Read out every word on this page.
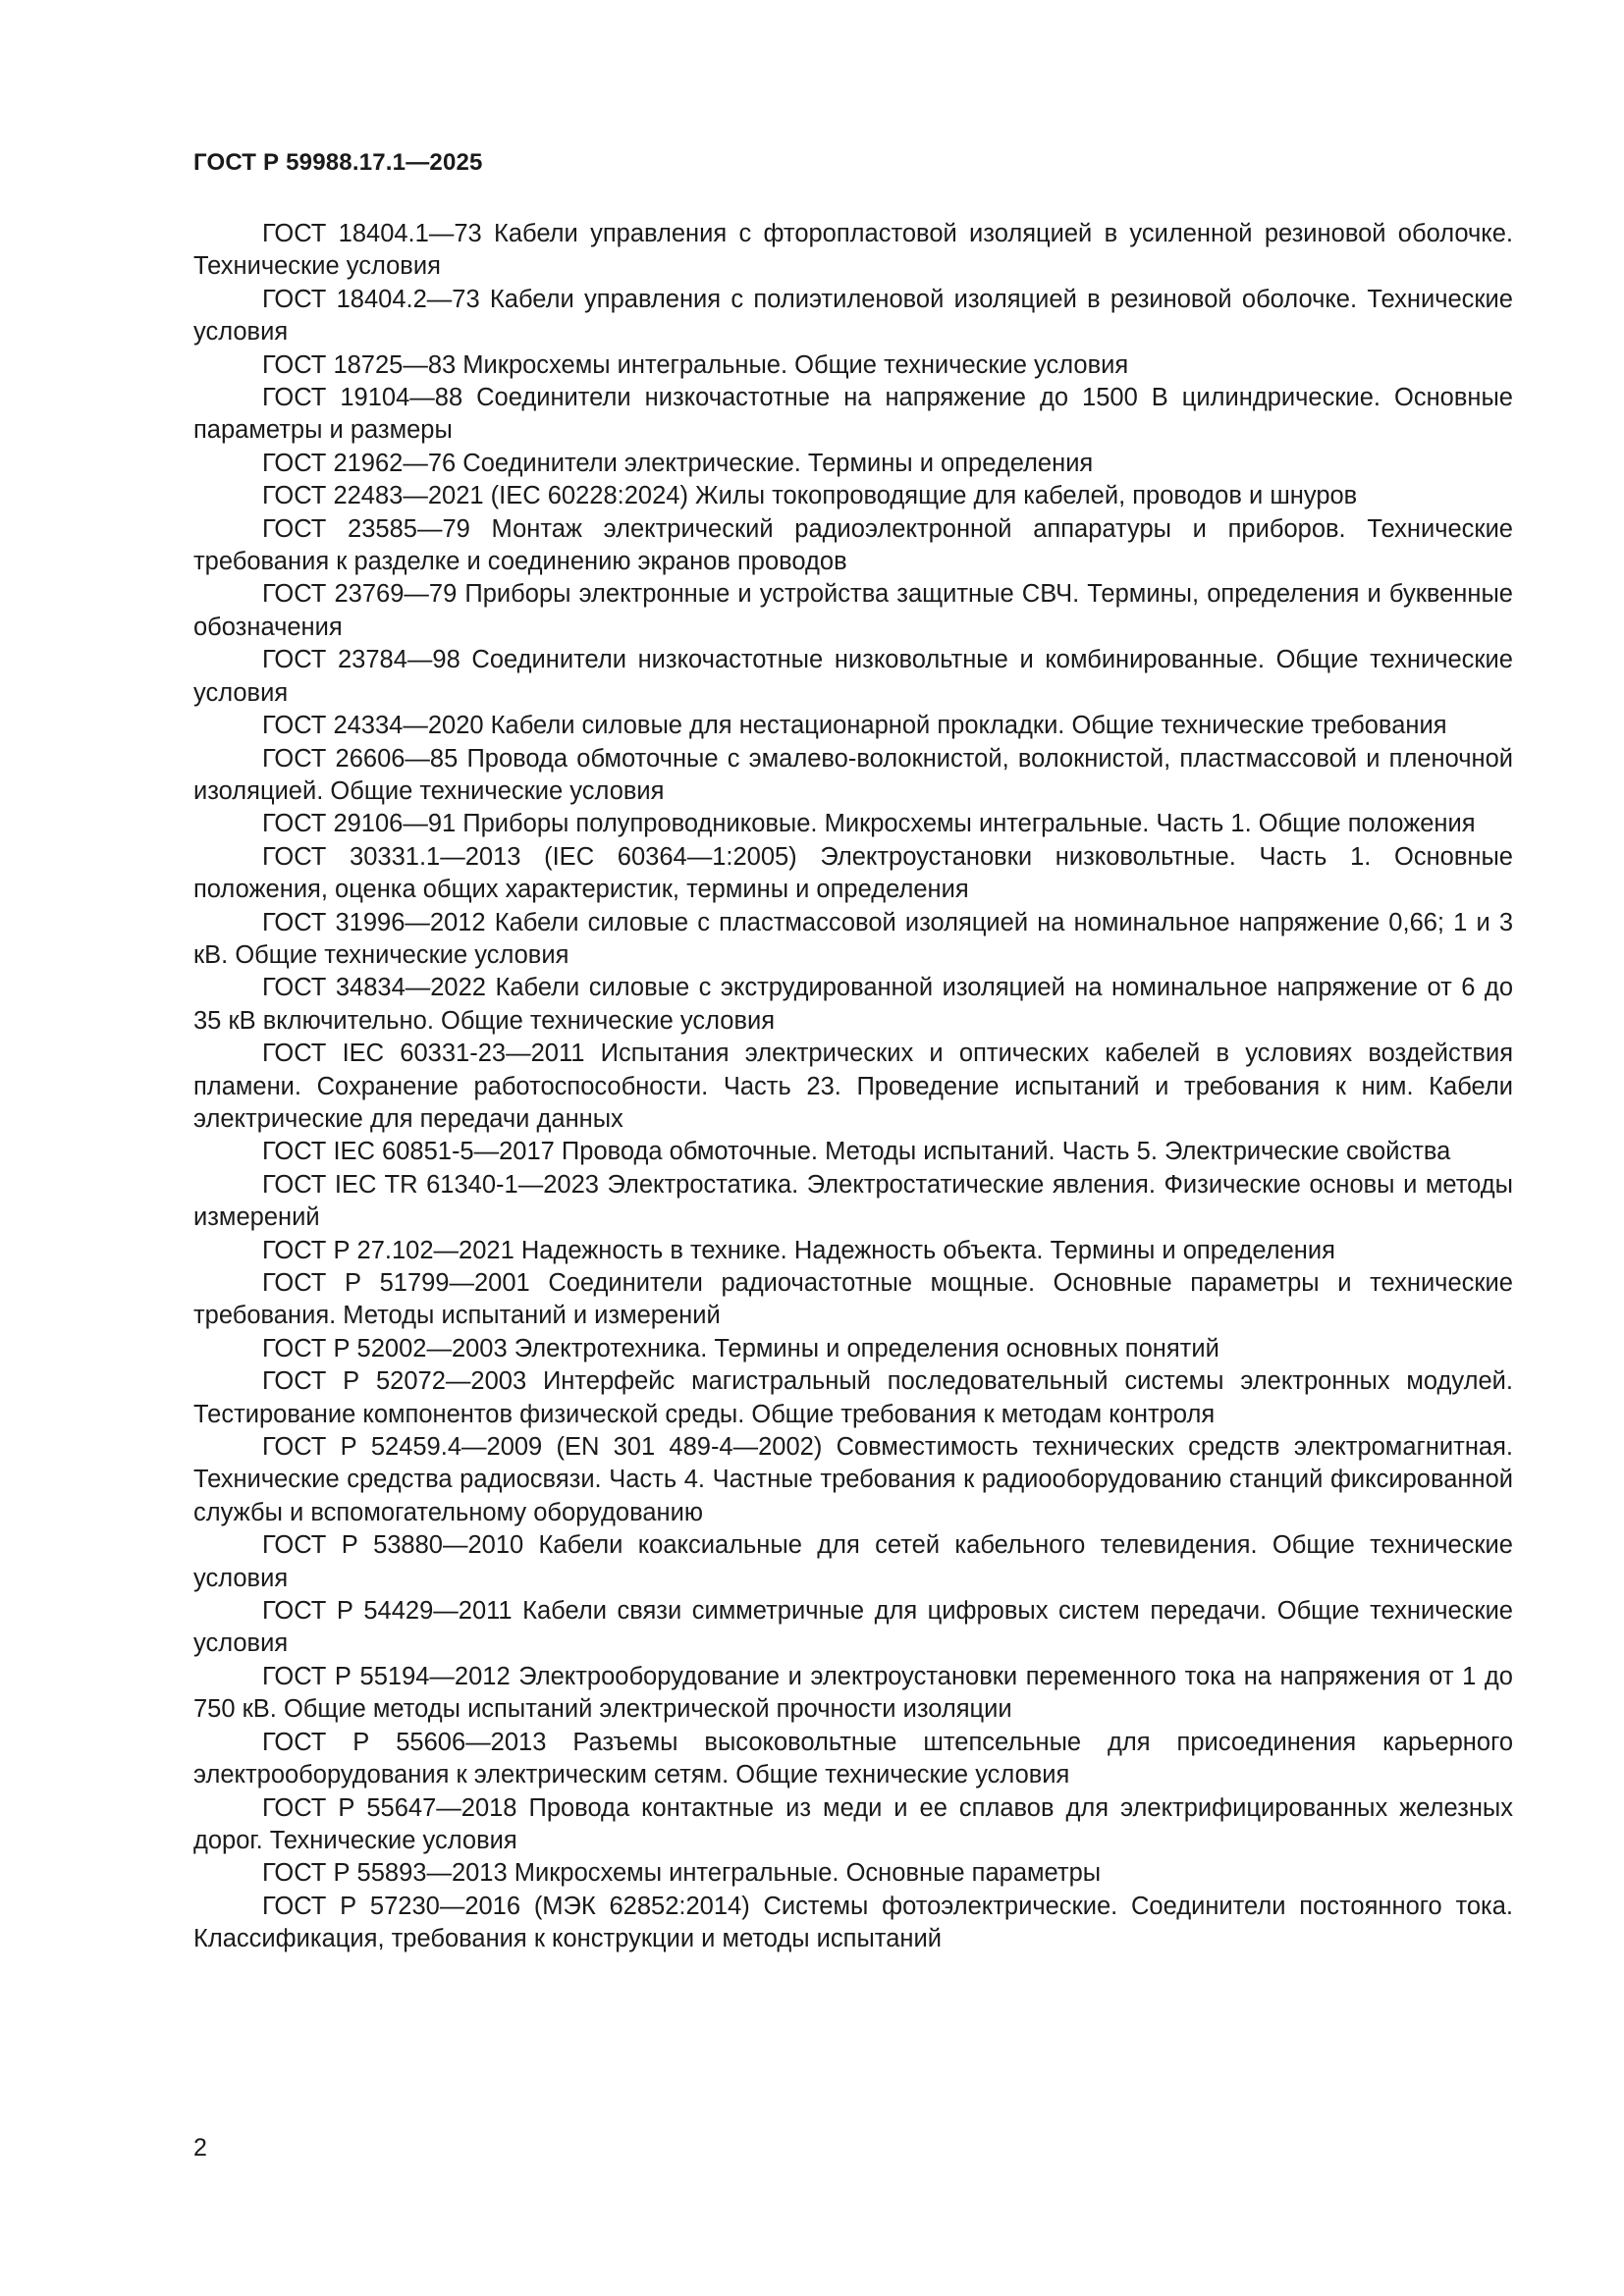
ГОСТ Р 59988.17.1—2025
ГОСТ 18404.1—73 Кабели управления с фторопластовой изоляцией в усиленной резиновой оболочке. Технические условия
ГОСТ 18404.2—73 Кабели управления с полиэтиленовой изоляцией в резиновой оболочке. Технические условия
ГОСТ 18725—83 Микросхемы интегральные. Общие технические условия
ГОСТ 19104—88 Соединители низкочастотные на напряжение до 1500 В цилиндрические. Основные параметры и размеры
ГОСТ 21962—76 Соединители электрические. Термины и определения
ГОСТ 22483—2021 (IEC 60228:2024) Жилы токопроводящие для кабелей, проводов и шнуров
ГОСТ 23585—79 Монтаж электрический радиоэлектронной аппаратуры и приборов. Технические требования к разделке и соединению экранов проводов
ГОСТ 23769—79 Приборы электронные и устройства защитные СВЧ. Термины, определения и буквенные обозначения
ГОСТ 23784—98 Соединители низкочастотные низковольтные и комбинированные. Общие технические условия
ГОСТ 24334—2020 Кабели силовые для нестационарной прокладки. Общие технические требования
ГОСТ 26606—85 Провода обмоточные с эмалево-волокнистой, волокнистой, пластмассовой и пленочной изоляцией. Общие технические условия
ГОСТ 29106—91 Приборы полупроводниковые. Микросхемы интегральные. Часть 1. Общие положения
ГОСТ 30331.1—2013 (IEC 60364—1:2005) Электроустановки низковольтные. Часть 1. Основные положения, оценка общих характеристик, термины и определения
ГОСТ 31996—2012 Кабели силовые с пластмассовой изоляцией на номинальное напряжение 0,66; 1 и 3 кВ. Общие технические условия
ГОСТ 34834—2022 Кабели силовые с экструдированной изоляцией на номинальное напряжение от 6 до 35 кВ включительно. Общие технические условия
ГОСТ IEC 60331-23—2011 Испытания электрических и оптических кабелей в условиях воздействия пламени. Сохранение работоспособности. Часть 23. Проведение испытаний и требования к ним. Кабели электрические для передачи данных
ГОСТ IEC 60851-5—2017 Провода обмоточные. Методы испытаний. Часть 5. Электрические свойства
ГОСТ IEC TR 61340-1—2023 Электростатика. Электростатические явления. Физические основы и методы измерений
ГОСТ Р 27.102—2021 Надежность в технике. Надежность объекта. Термины и определения
ГОСТ Р 51799—2001 Соединители радиочастотные мощные. Основные параметры и технические требования. Методы испытаний и измерений
ГОСТ Р 52002—2003 Электротехника. Термины и определения основных понятий
ГОСТ Р 52072—2003 Интерфейс магистральный последовательный системы электронных модулей. Тестирование компонентов физической среды. Общие требования к методам контроля
ГОСТ Р 52459.4—2009 (EN 301 489-4—2002) Совместимость технических средств электромагнитная. Технические средства радиосвязи. Часть 4. Частные требования к радиооборудованию станций фиксированной службы и вспомогательному оборудованию
ГОСТ Р 53880—2010 Кабели коаксиальные для сетей кабельного телевидения. Общие технические условия
ГОСТ Р 54429—2011 Кабели связи симметричные для цифровых систем передачи. Общие технические условия
ГОСТ Р 55194—2012 Электрооборудование и электроустановки переменного тока на напряжения от 1 до 750 кВ. Общие методы испытаний электрической прочности изоляции
ГОСТ Р 55606—2013 Разъемы высоковольтные штепсельные для присоединения карьерного электрооборудования к электрическим сетям. Общие технические условия
ГОСТ Р 55647—2018 Провода контактные из меди и ее сплавов для электрифицированных железных дорог. Технические условия
ГОСТ Р 55893—2013 Микросхемы интегральные. Основные параметры
ГОСТ Р 57230—2016 (МЭК 62852:2014) Системы фотоэлектрические. Соединители постоянного тока. Классификация, требования к конструкции и методы испытаний
2
